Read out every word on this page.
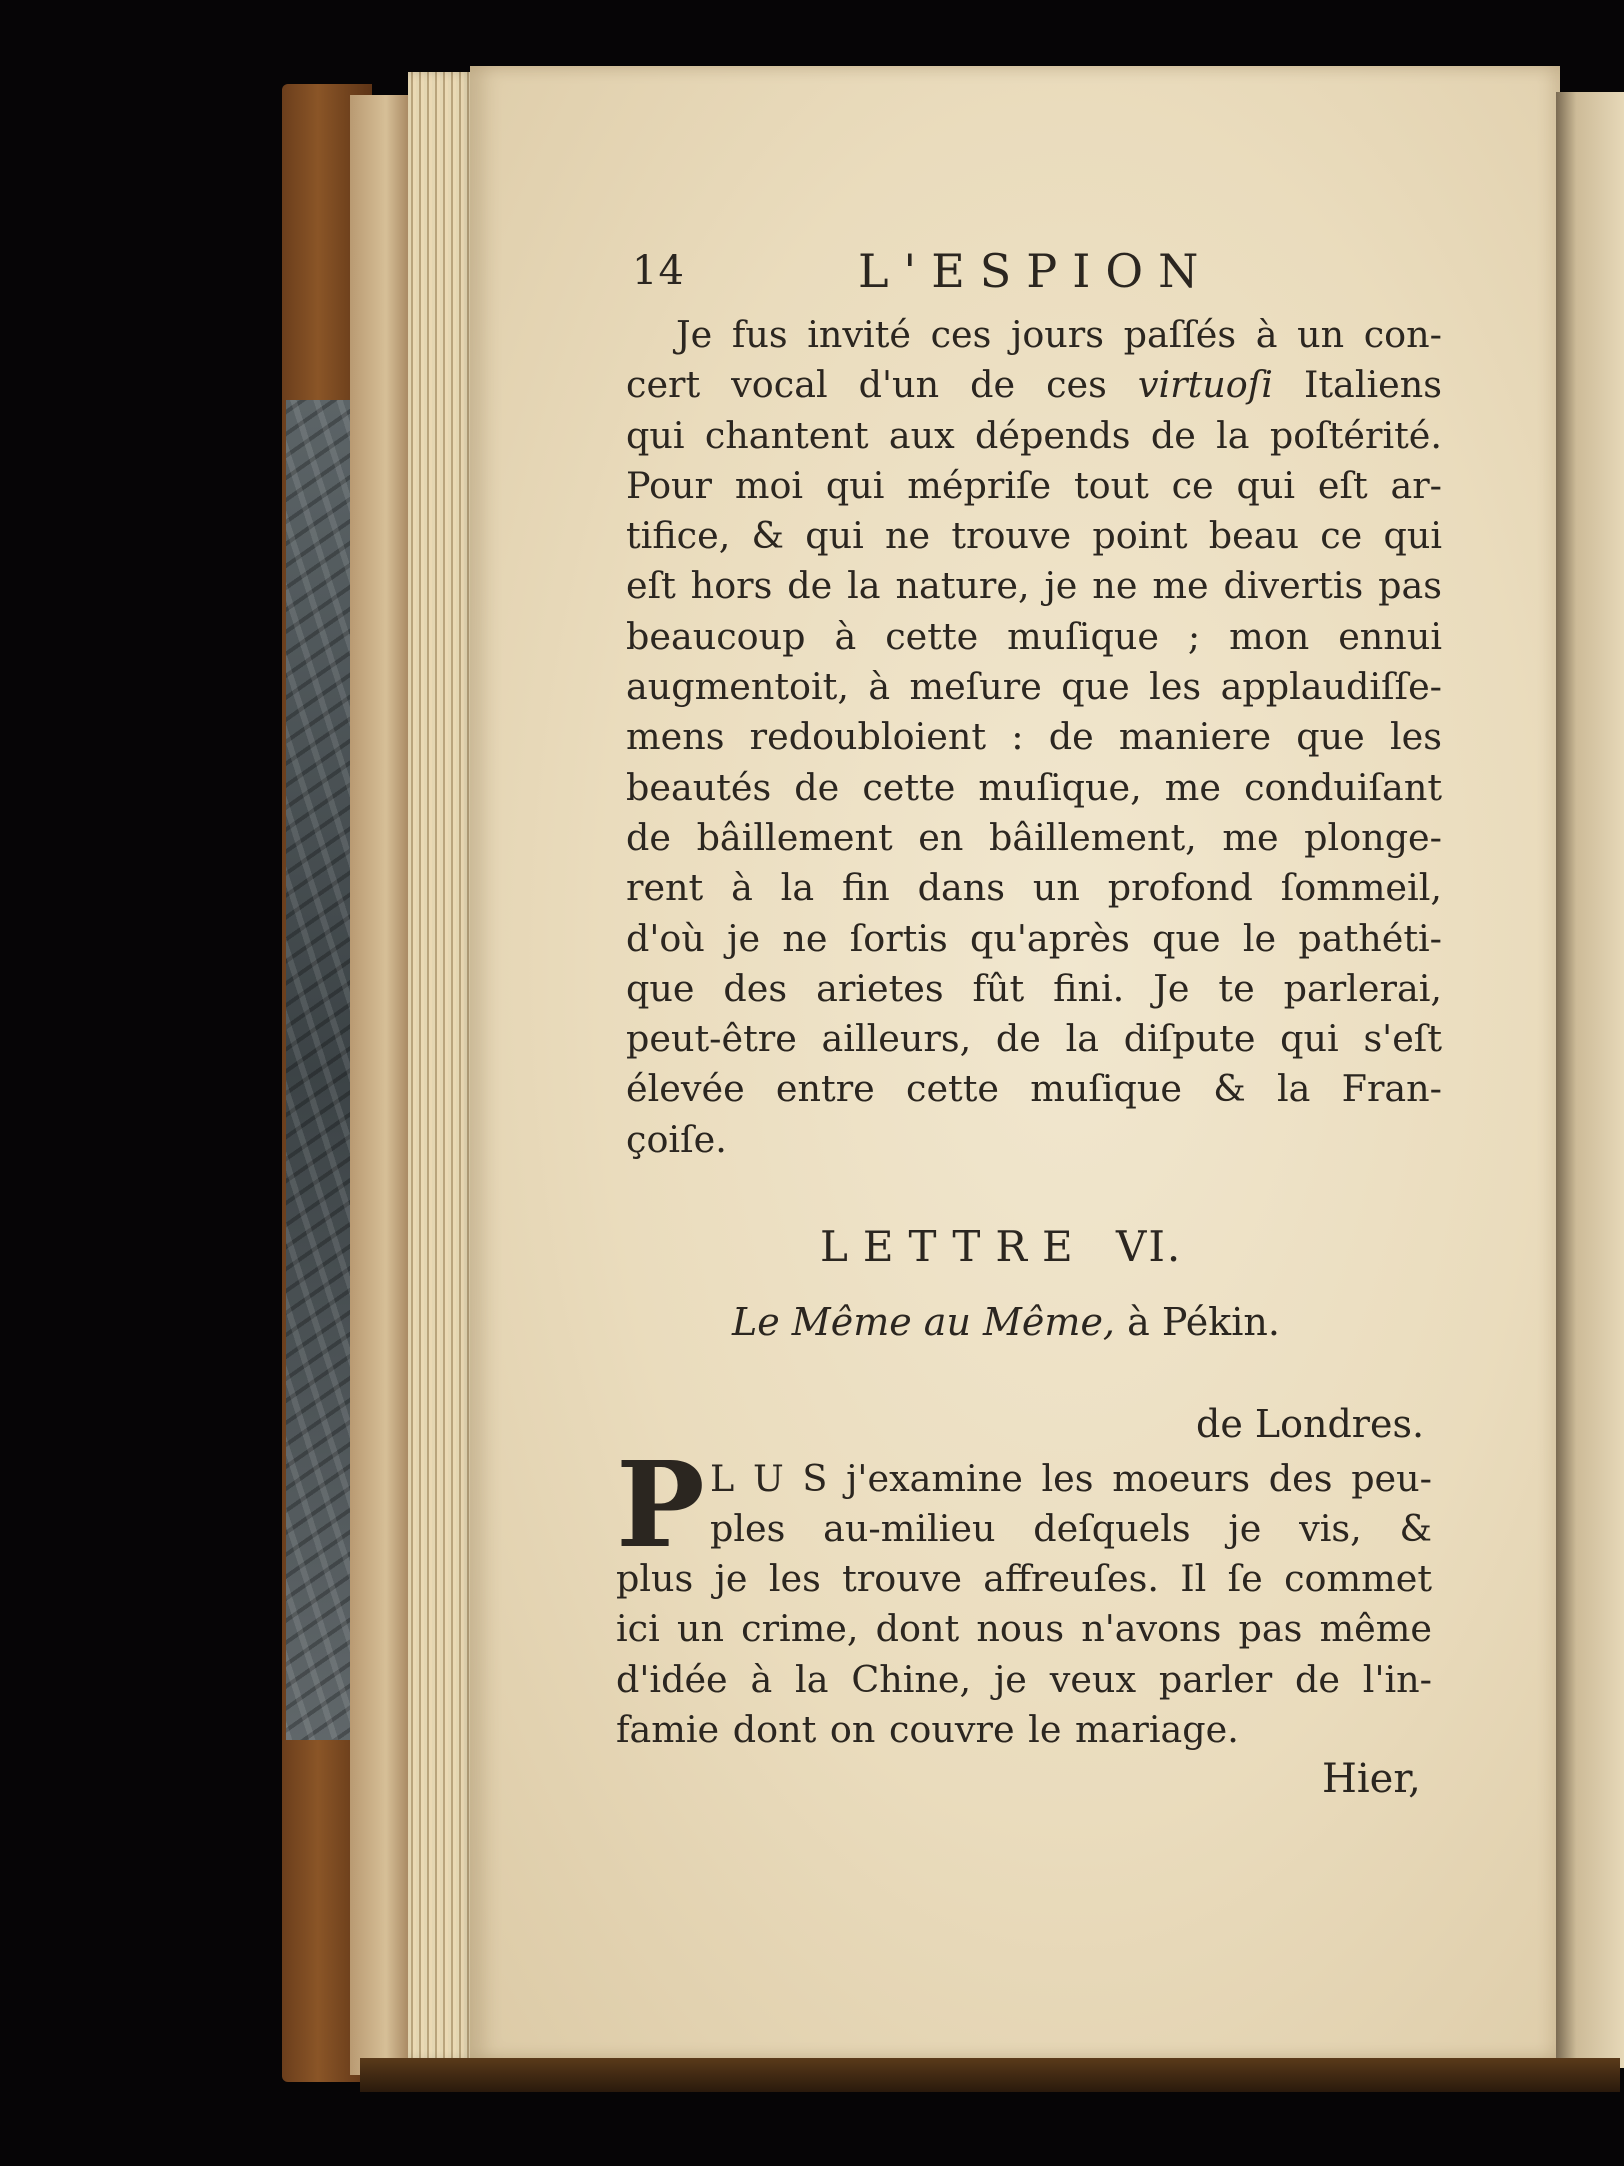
14	L'ESPION
Je fus invité ces jours paſſés à un con-
cert vocal d'un de ces virtuoſi Italiens
qui chantent aux dépends de la poſtérité.
Pour moi qui mépriſe tout ce qui eſt ar-
tifice, & qui ne trouve point beau ce qui
eſt hors de la nature, je ne me divertis pas
beaucoup à cette muſique ; mon ennui
augmentoit, à meſure que les applaudiſſe-
mens redoubloient : de maniere que les
beautés de cette muſique, me conduiſant
de bâillement en bâillement, me plonge-
rent à la fin dans un profond ſommeil,
d'où je ne ſortis qu'après que le pathéti-
que des arietes fût fini. Je te parlerai,
peut-être ailleurs, de la diſpute qui s'eſt
élevée entre cette muſique & la Fran-
çoiſe.
LETTRE VI.
Le Même au Même, à Pékin.
de Londres.
P L U S j'examine les moeurs des peu-
ples au-milieu deſquels je vis, &
plus je les trouve affreuſes. Il ſe commet
ici un crime, dont nous n'avons pas même
d'idée à la Chine, je veux parler de l'in-
famie dont on couvre le mariage.
Hier,
